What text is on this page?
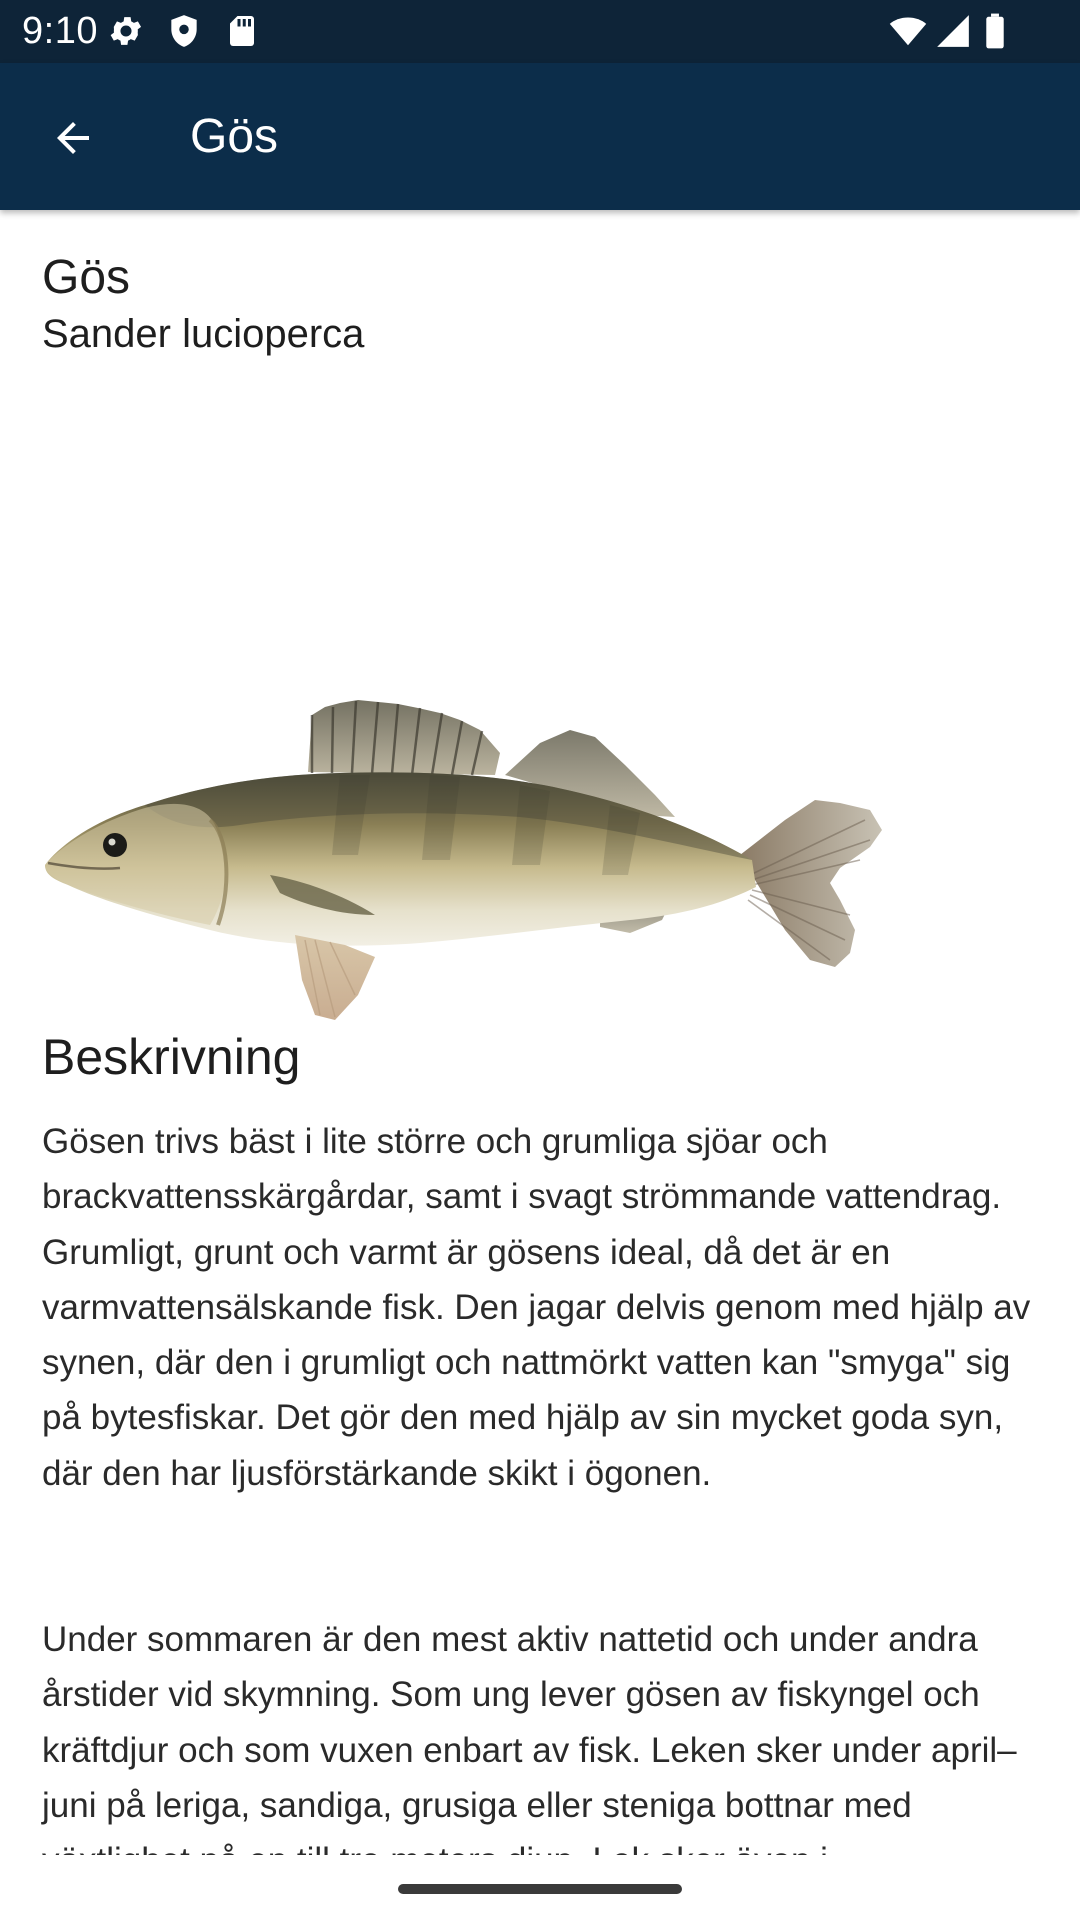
9:10
Gös
Gös
Sander lucioperca
Beskrivning

Gösen trivs bäst i lite större och grumliga sjöar och brackvattensskärgårdar, samt i svagt strömmande vattendrag. Grumligt, grunt och varmt är gösens ideal, då det är en varmvattensälskande fisk. Den jagar delvis genom med hjälp av synen, där den i grumligt och nattmörkt vatten kan "smyga" sig på bytesfiskar. Det gör den med hjälp av sin mycket goda syn, där den har ljusförstärkande skikt i ögonen.

Under sommaren är den mest aktiv nattetid och under andra årstider vid skymning. Som ung lever gösen av fiskyngel och kräftdjur och som vuxen enbart av fisk. Leken sker under april–juni på leriga, sandiga, grusiga eller steniga bottnar med
